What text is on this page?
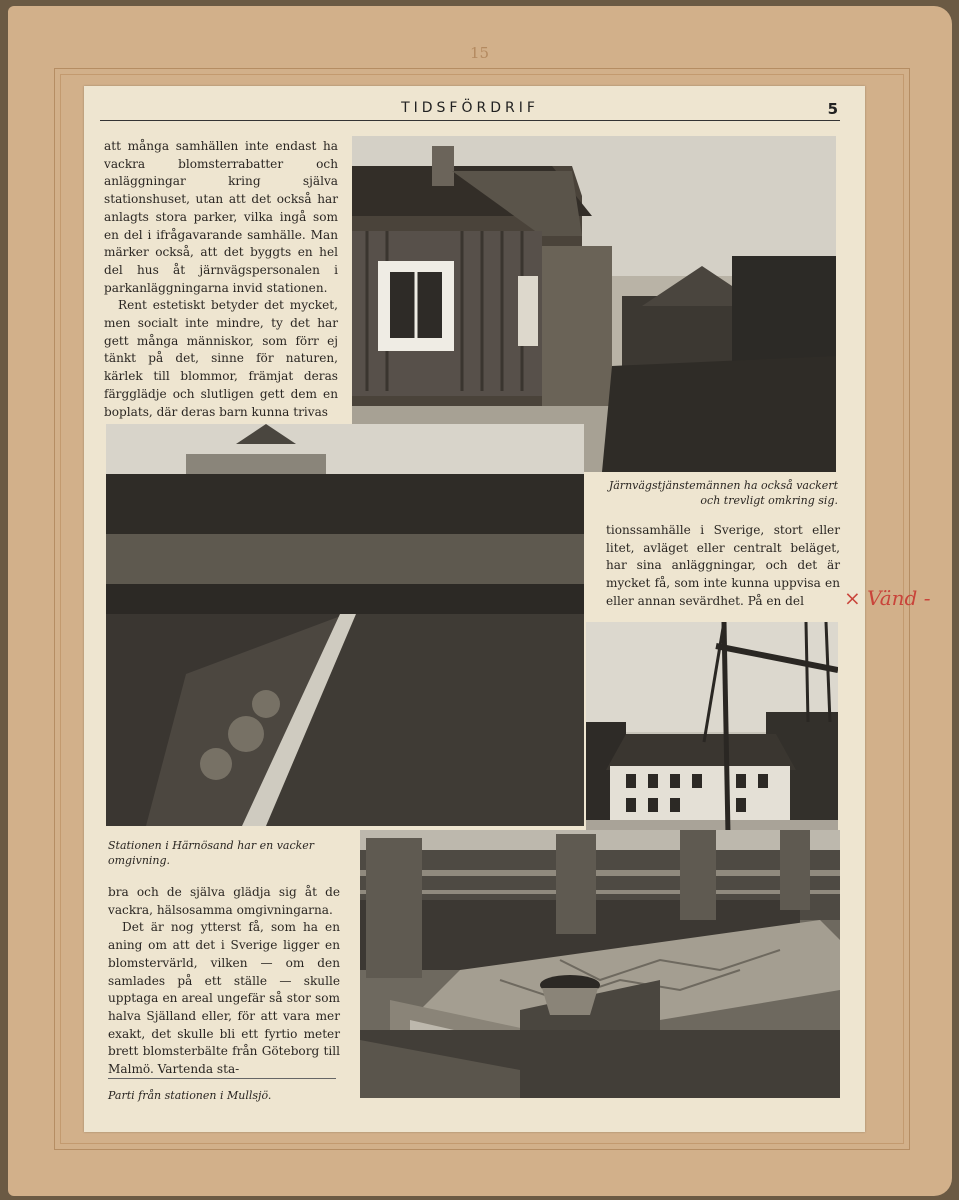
15
TIDSFÖRDRIF	5

att många samhällen inte endast ha vackra blomsterrabatter och anläggningar kring själva stationshuset, utan att det också har anlagts stora parker, vilka ingå som en del i ifrågavarande samhälle. Man märker också, att det byggts en hel del hus åt järnvägspersonalen i parkanläggningarna invid stationen.

Rent estetiskt betyder det mycket, men socialt inte mindre, ty det har gett många människor, som förr ej tänkt på det, sinne för naturen, kärlek till blommor, främjat deras färgglädje och slutligen gett dem en boplats, där deras barn kunna trivas

Järnvägstjänstemännen ha också vackert och trevligt omkring sig.

tionssamhälle i Sverige, stort eller litet, avläget eller centralt beläget, har sina anläggningar, och det är mycket få, som inte kunna uppvisa en eller annan sevärdhet. På en del	× Vänd -
Stationen i Härnösand har en vacker omgivning.

bra och de själva glädja sig åt de vackra, hälsosamma omgivningarna.

Det är nog ytterst få, som ha en aning om att det i Sverige ligger en blomstervärld, vilken — om den samlades på ett ställe — skulle upptaga en areal ungefär så stor som halva Själland eller, för att vara mer exakt, det skulle bli ett fyrtio meter brett blomsterbälte från Göteborg till Malmö. Vartenda sta-

Parti från stationen i Mullsjö.
